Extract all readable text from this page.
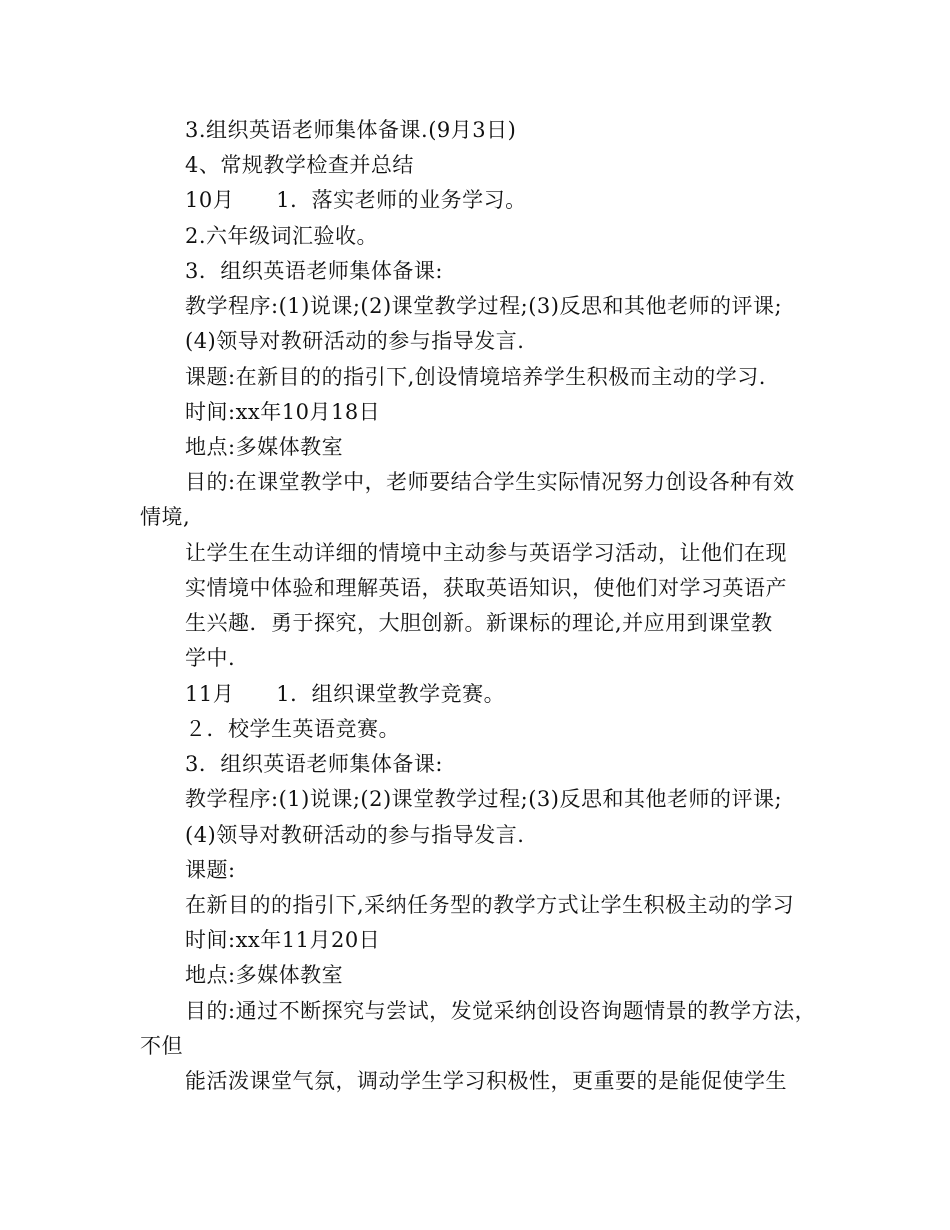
3.组织英语老师集体备课.(9月3日)
4、常规教学检查并总结
10月 1．落实老师的业务学习。
2.六年级词汇验收。
3．组织英语老师集体备课:
教学程序:(1)说课;(2)课堂教学过程;(3)反思和其他老师的评课;
(4)领导对教研活动的参与指导发言.
课题:在新目的的指引下,创设情境培养学生积极而主动的学习.
时间:xx年10月18日
地点:多媒体教室
目的:在课堂教学中，老师要结合学生实际情况努力创设各种有效
情境,
让学生在生动详细的情境中主动参与英语学习活动，让他们在现
实情境中体验和理解英语，获取英语知识，使他们对学习英语产
生兴趣．勇于探究，大胆创新。新课标的理论,并应用到课堂教
学中.
11月 1．组织课堂教学竞赛。
２．校学生英语竞赛。
3．组织英语老师集体备课:
教学程序:(1)说课;(2)课堂教学过程;(3)反思和其他老师的评课;
(4)领导对教研活动的参与指导发言.
课题:
在新目的的指引下,采纳任务型的教学方式让学生积极主动的学习
时间:xx年11月20日
地点:多媒体教室
目的:通过不断探究与尝试，发觉采纳创设咨询题情景的教学方法，
不但
能活泼课堂气氛，调动学生学习积极性，更重要的是能促使学生
